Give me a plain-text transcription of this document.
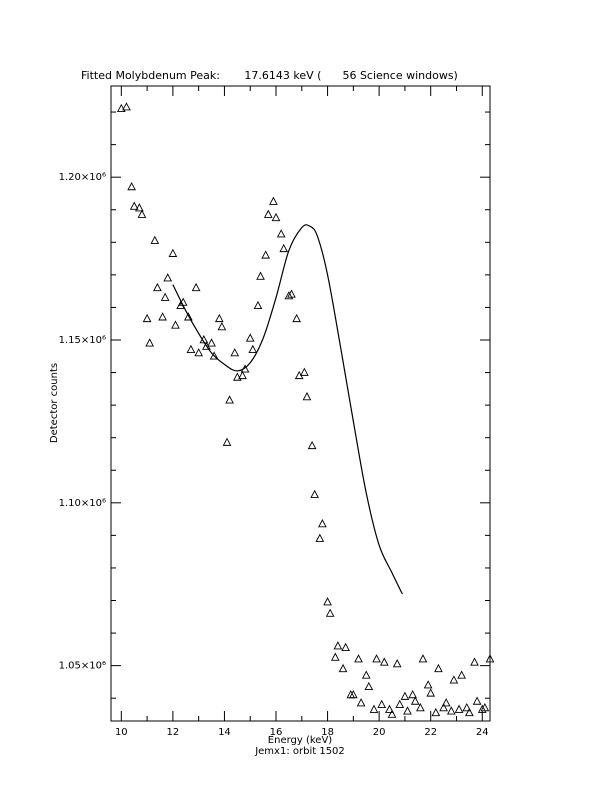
Fitted Molybdenum Peak:       17.6143 keV (      56 Science windows)
10	12	14	16	18	20	22	24
1.05×10⁶
1.10×10⁶
1.15×10⁶
1.20×10⁶
Energy (keV)
Jemx1: orbit 1502
Detector counts
